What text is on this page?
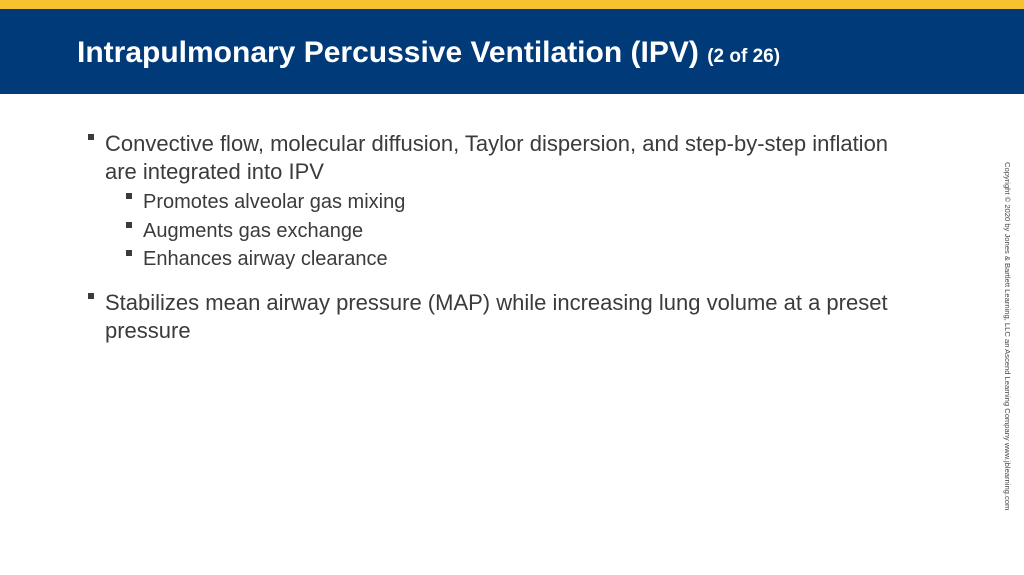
Intrapulmonary Percussive Ventilation (IPV) (2 of 26)
Convective flow, molecular diffusion, Taylor dispersion, and step-by-step inflation are integrated into IPV
Promotes alveolar gas mixing
Augments gas exchange
Enhances airway clearance
Stabilizes mean airway pressure (MAP) while increasing lung volume at a preset pressure	Copyright © 2020 by Jones & Bartlett Learning, LLC an Ascend Learning Company www.jblearning.com
